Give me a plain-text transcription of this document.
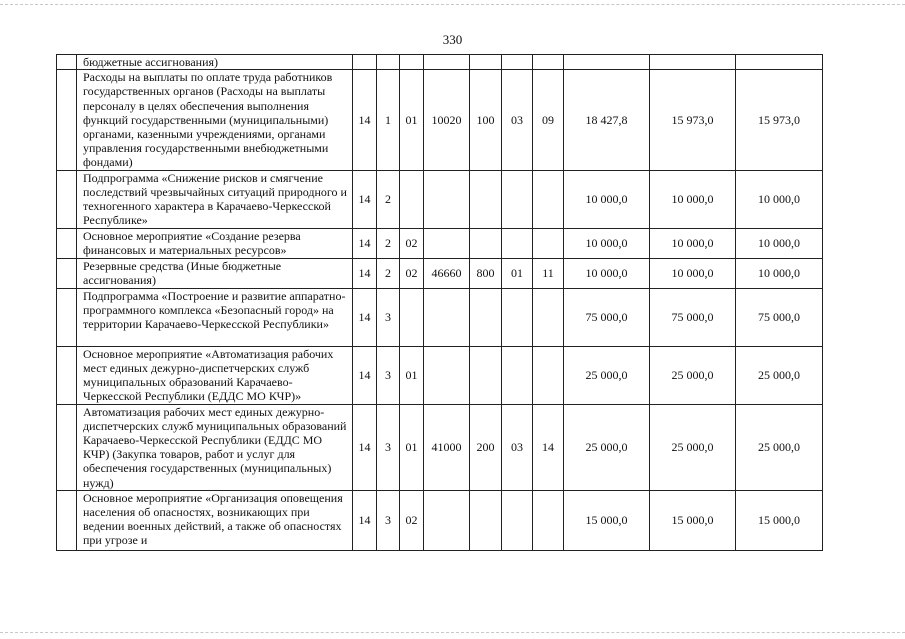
330
	бюджетные ассигнования)										
	Расходы на выплаты по оплате труда работников государственных органов (Расходы на выплаты персоналу в целях обеспечения выполнения функций государственными (муниципальными) органами, казенными учреждениями, органами управления государственными внебюджетными фондами)	14	1	01	10020	100	03	09	18 427,8	15 973,0	15 973,0
	Подпрограмма «Снижение рисков и смягчение последствий чрезвычайных ситуаций природного и техногенного характера в Карачаево-Черкесской Республике»	14	2						10 000,0	10 000,0	10 000,0
	Основное мероприятие «Создание резерва финансовых и материальных ресурсов»	14	2	02					10 000,0	10 000,0	10 000,0
	Резервные средства (Иные бюджетные ассигнования)	14	2	02	46660	800	01	11	10 000,0	10 000,0	10 000,0
	Подпрограмма «Построение и развитие аппаратно-программного комплекса «Безопасный город» на территории Карачаево-Черкесской Республики»	14	3						75 000,0	75 000,0	75 000,0
	Основное мероприятие «Автоматизация рабочих мест единых дежурно-диспетчерских служб муниципальных образований Карачаево-Черкесской Республики (ЕДДС МО КЧР)»	14	3	01					25 000,0	25 000,0	25 000,0
	Автоматизация рабочих мест единых дежурно-диспетчерских служб муниципальных образований Карачаево-Черкесской Республики (ЕДДС МО КЧР) (Закупка товаров, работ и услуг для обеспечения государственных (муниципальных) нужд)	14	3	01	41000	200	03	14	25 000,0	25 000,0	25 000,0
	Основное мероприятие «Организация оповещения населения об опасностях, возникающих при ведении военных действий, а также об опасностях при угрозе и	14	3	02					15 000,0	15 000,0	15 000,0
